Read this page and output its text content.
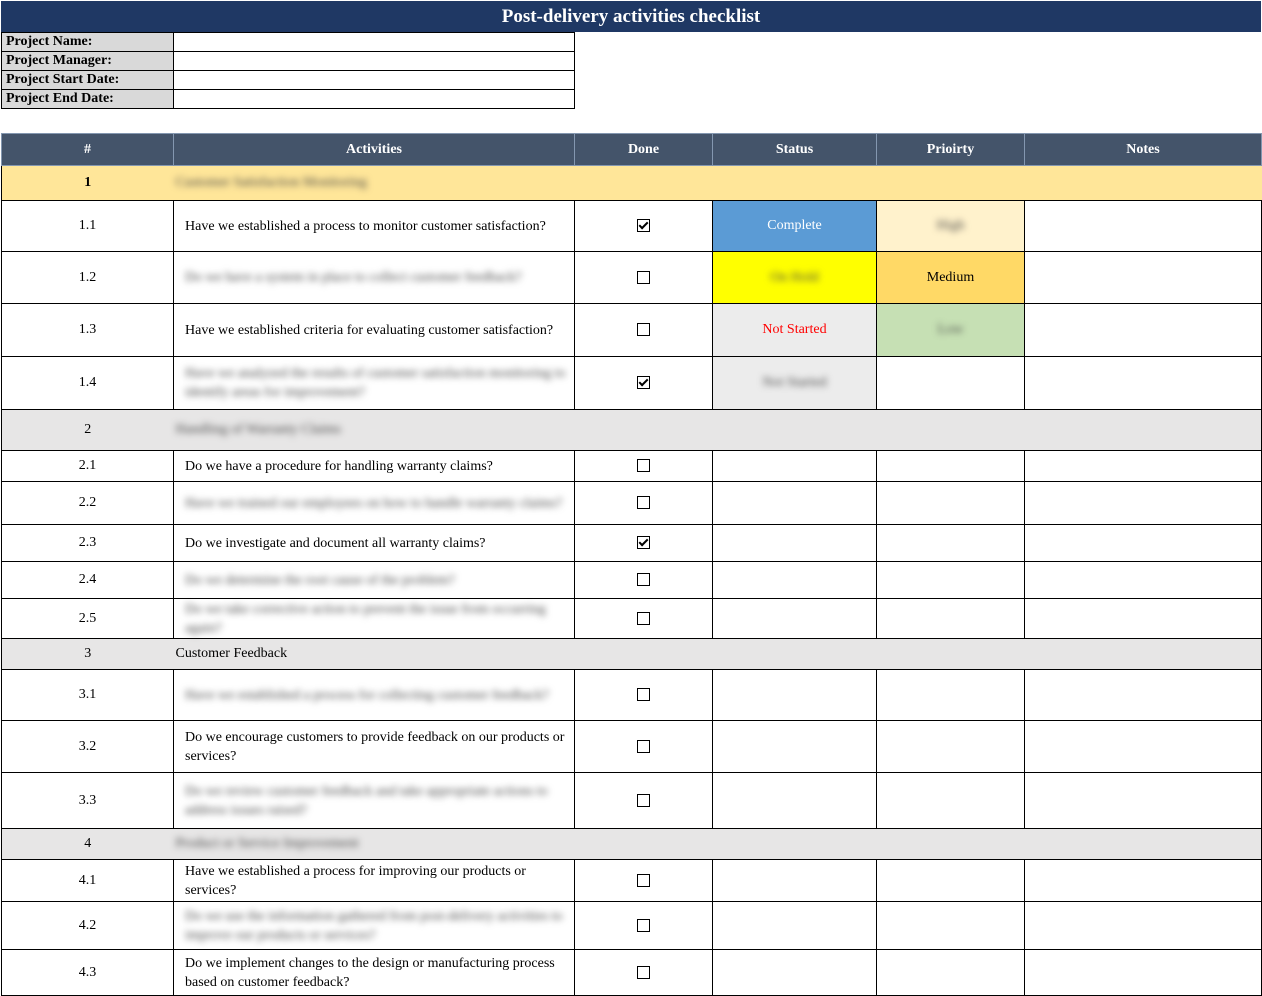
Post-delivery activities checklist
Project Name:	
Project Manager:	
Project Start Date:	
Project End Date:	
#	Activities	Done	Status	Prioirty	Notes
1	Customer Satisfaction Monitoring				
1.1	Have we established a process to monitor customer satisfaction?		Complete	High	
1.2	Do we have a system in place to collect customer feedback?		On Hold	Medium	
1.3	Have we established criteria for evaluating customer satisfaction?		Not Started	Low	
1.4	Have we analyzed the results of customer satisfaction monitoring to identify areas for improvement?		Not Started		
2	Handling of Warranty Claims				
2.1	Do we have a procedure for handling warranty claims?				
2.2	Have we trained our employees on how to handle warranty claims?				
2.3	Do we investigate and document all warranty claims?				
2.4	Do we determine the root cause of the problem?				
2.5	Do we take corrective action to prevent the issue from occurring again?				
3	Customer Feedback				
3.1	Have we established a process for collecting customer feedback?				
3.2	Do we encourage customers to provide feedback on our products or services?				
3.3	Do we review customer feedback and take appropriate actions to address issues raised?				
4	Product or Service Improvement				
4.1	Have we established a process for improving our products or services?				
4.2	Do we use the information gathered from post-delivery activities to improve our products or services?				
4.3	Do we implement changes to the design or manufacturing process based on customer feedback?				
